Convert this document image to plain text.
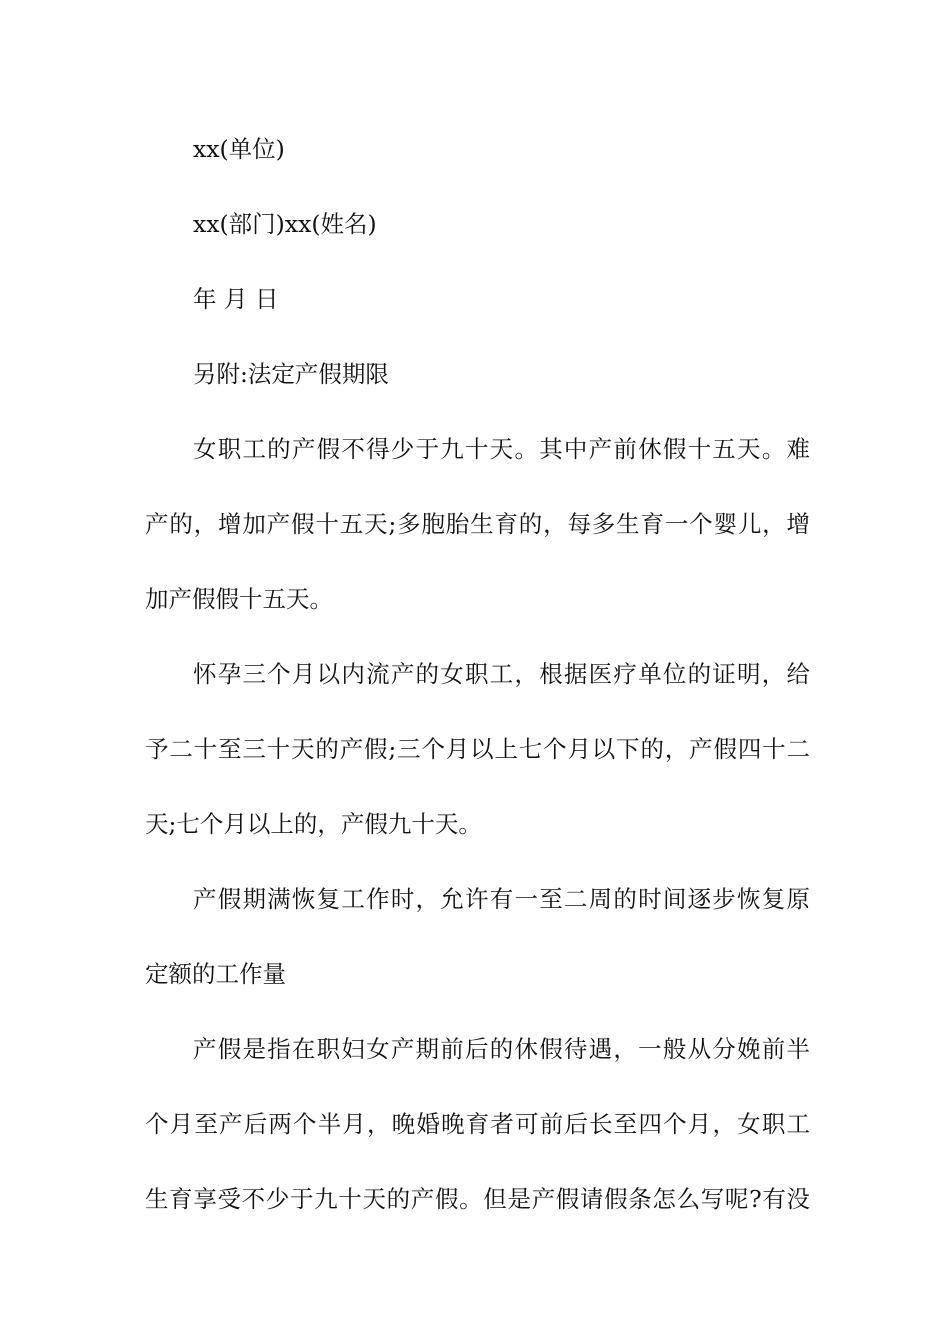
xx(单位)
xx(部门)xx(姓名)
年 月 日
另附:法定产假期限
女职工的产假不得少于九十天。其中产前休假十五天。难
产的，增加产假十五天;多胞胎生育的，每多生育一个婴儿，增
加产假假十五天。
怀孕三个月以内流产的女职工，根据医疗单位的证明，给
予二十至三十天的产假;三个月以上七个月以下的，产假四十二
天;七个月以上的，产假九十天。
产假期满恢复工作时，允许有一至二周的时间逐步恢复原
定额的工作量
产假是指在职妇女产期前后的休假待遇，一般从分娩前半
个月至产后两个半月，晚婚晚育者可前后长至四个月，女职工
生育享受不少于九十天的产假。但是产假请假条怎么写呢?有没
